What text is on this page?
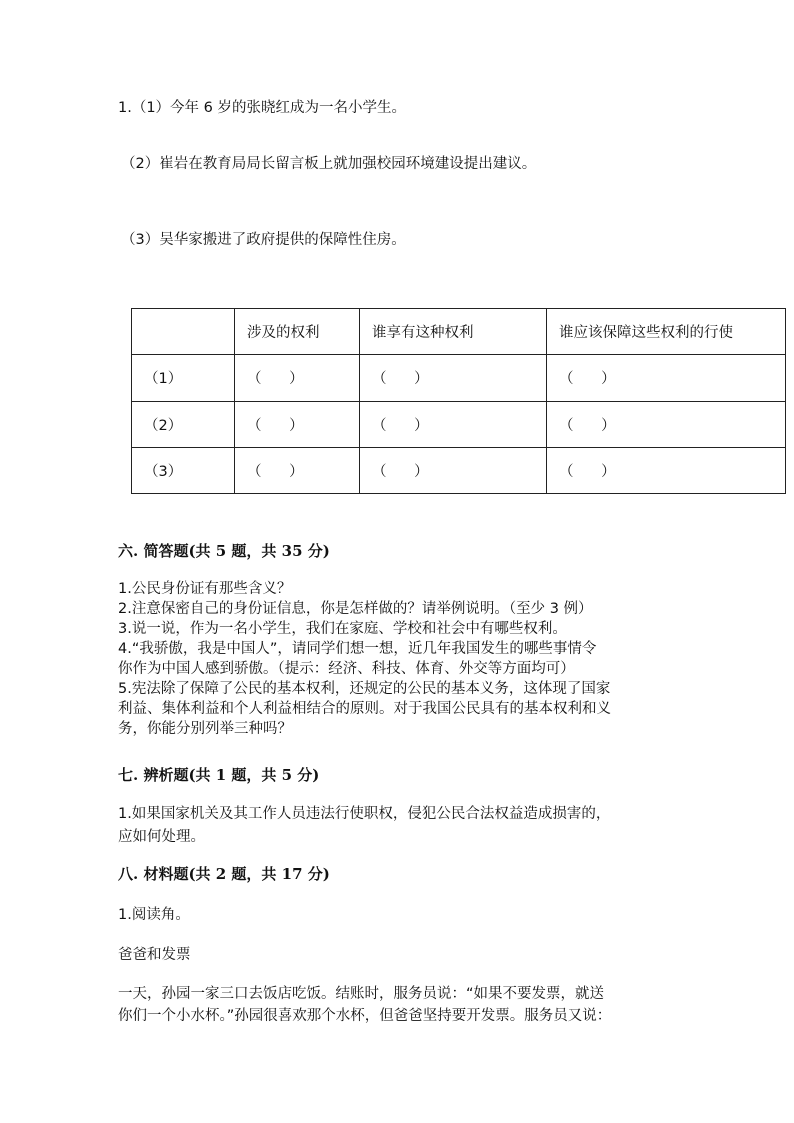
1.（1）今年 6 岁的张晓红成为一名小学生。
（2）崔岩在教育局局长留言板上就加强校园环境建设提出建议。
（3）吴华家搬进了政府提供的保障性住房。
	涉及的权利	谁享有这种权利	谁应该保障这些权利的行使
（1）	（      ）	（      ）	（      ）
（2）	（      ）	（      ）	（      ）
（3）	（      ）	（      ）	（      ）
六. 简答题(共 5 题，共 35 分)
1.公民身份证有那些含义？
2.注意保密自己的身份证信息，你是怎样做的？请举例说明。（至少 3 例）
3.说一说，作为一名小学生，我们在家庭、学校和社会中有哪些权利。
4.“我骄傲，我是中国人”，请同学们想一想，近几年我国发生的哪些事情令
你作为中国人感到骄傲。（提示：经济、科技、体育、外交等方面均可）
5.宪法除了保障了公民的基本权利，还规定的公民的基本义务，这体现了国家
利益、集体利益和个人利益相结合的原则。对于我国公民具有的基本权利和义
务，你能分别列举三种吗？
七. 辨析题(共 1 题，共 5 分)
1.如果国家机关及其工作人员违法行使职权，侵犯公民合法权益造成损害的，
应如何处理。
八. 材料题(共 2 题，共 17 分)
1.阅读角。
爸爸和发票
一天，孙园一家三口去饭店吃饭。结账时，服务员说：“如果不要发票，就送
你们一个小水杯。”孙园很喜欢那个水杯，但爸爸坚持要开发票。服务员又说：
